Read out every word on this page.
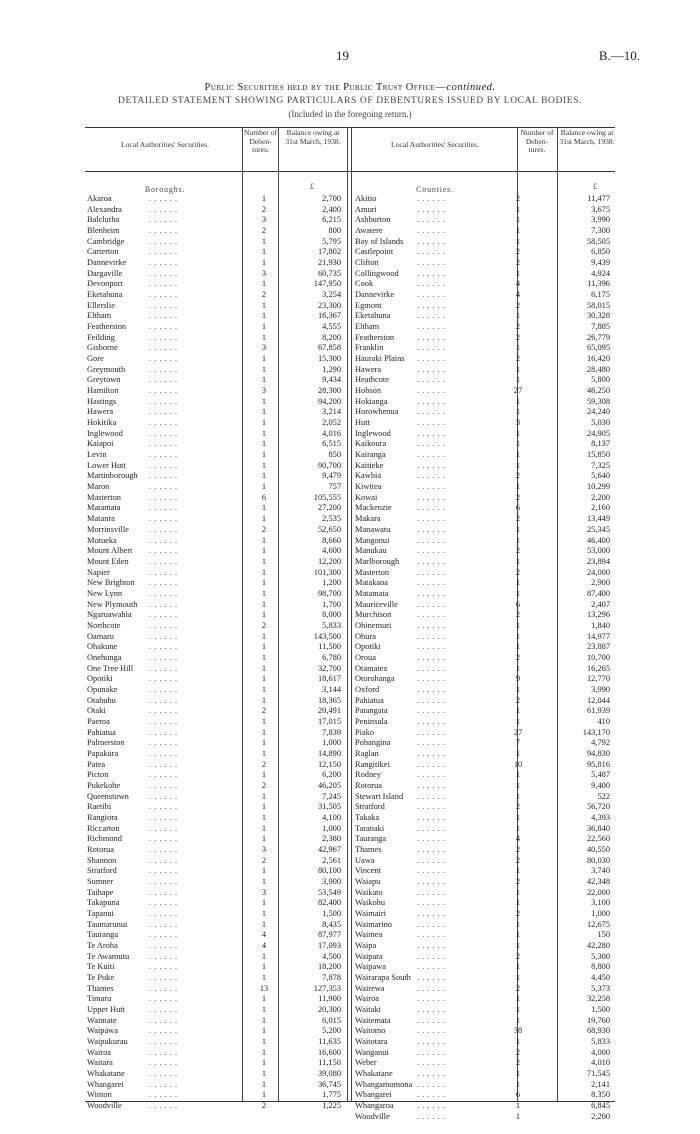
19	B.—10.
Public Securities held by the Public Trust Office—continued.
DETAILED STATEMENT SHOWING PARTICULARS OF DEBENTURES ISSUED BY LOCAL BODIES.
(Included in the foregoing return.)
Local Authorities' Securities.
Number of Deben- tures.
Balance owing at 31st March, 1938.	Local Authorities' Securities.
Number of Deben- tures.
Balance owing at 31st March, 1938.
Boroughs.	£	Counties.	£
. . . . . .
Akaroa	1	2,700
. . . . . .
Alexandra	2	2,400
. . . . . .
Balclutha	3	6,215
. . . . . .
Blenheim	2	800
. . . . . .
Cambridge	1	5,795
. . . . . .
Carterton	1	17,802
. . . . . .
Dannevirke	1	21,930
. . . . . .
Dargaville	3	60,735
. . . . . .
Devonport	1	147,950
. . . . . .
Eketahuna	2	3,254
. . . . . .
Ellerslie	1	23,300
. . . . . .
Eltham	1	16,367
. . . . . .
Featherston	1	4,555
. . . . . .
Feilding	1	8,200
. . . . . .
Gisborne	3	67,858
. . . . . .
Gore	1	15,300
. . . . . .
Greymouth	1	1,290
. . . . . .
Greytown	1	9,434
. . . . . .
Hamilton	3	28,300
. . . . . .
Hastings	1	94,200
. . . . . .
Hawera	1	3,214
. . . . . .
Hokitika	1	2,052
. . . . . .
Inglewood	1	4,016
. . . . . .
Kaiapoi	1	6,515
. . . . . .
Levin	1	850
. . . . . .
Lower Hutt	1	90,700
. . . . . .
Martinborough	1	9,479
. . . . . .
Maron	1	757
. . . . . .
Masterton	6	105,555
. . . . . .
Matamata	1	27,200
. . . . . .
Matanra	1	2,535
. . . . . .
Morrinsville	2	52,650
. . . . . .
Motueka	1	8,660
. . . . . .
Mount Albert	1	4,600
. . . . . .
Mount Eden	1	12,200
. . . . . .
Napier	1	101,300
. . . . . .
New Brighton	1	1,200
. . . . . .
New Lynn	1	98,700
. . . . . .
New Plymouth	1	1,700
. . . . . .
Ngaruawahia	1	8,000
. . . . . .
Northcote	2	5,833
. . . . . .
Oamaru	1	143,500
. . . . . .
Ohakune	1	11,500
. . . . . .
Onehunga	1	6,780
. . . . . .
One Tree Hill	1	32,700
. . . . . .
Opotiki	1	18,617
. . . . . .
Opunake	1	3,144
. . . . . .
Otahuhu	1	18,365
. . . . . .
Otaki	2	20,491
. . . . . .
Paeroa	1	17,015
. . . . . .
Pahiatua	1	7,839
. . . . . .
Palmerston	1	1,000
. . . . . .
Papakura	1	14,890
. . . . . .
Patea	2	12,150
. . . . . .
Picton	1	6,200
. . . . . .
Pukekohe	2	46,205
. . . . . .
Queenstown	1	7,245
. . . . . .
Raetihi	1	31,505
. . . . . .
Rangiora	1	4,100
. . . . . .
Riccarton	1	1,000
. . . . . .
Richmond	1	2,380
. . . . . .
Rotorua	3	42,967
. . . . . .
Shannon	2	2,561
. . . . . .
Stratford	1	80,100
. . . . . .
Sumner	1	3,900
. . . . . .
Taihape	3	53,549
. . . . . .
Takapuna	1	82,400
. . . . . .
Tapanui	1	1,500
. . . . . .
Taumarunui	1	8,435
. . . . . .
Tauranga	4	87,977
. . . . . .
Te Aroha	4	17,093
. . . . . .
Te Awamutu	1	4,500
. . . . . .
Te Kuiti	1	18,200
. . . . . .
Te Puke	1	7,878
. . . . . .
Thames	13	127,353
. . . . . .
Timaru	1	11,900
. . . . . .
Upper Hutt	1	20,300
. . . . . .
Waimate	1	6,015
. . . . . .
Waipawa	1	5,200
. . . . . .
Waipukurau	1	11,635
. . . . . .
Wairoa	1	16,600
. . . . . .
Waitara	1	11,150
. . . . . .
Whakatane	1	39,080
. . . . . .
Whangarei	1	36,745
. . . . . .
Winton	1	1,775
. . . . . .
Woodville	2	1,225
. . . . . .
Akitio	2	11,477
. . . . . .
Amuri	1	3,675
. . . . . .
Ashburton	1	3,990
. . . . . .
Awatere	1	7,300
. . . . . .
Bay of Islands	1	58,505
. . . . . .
Castlepoint	2	6,850
. . . . . .
Clifton	2	9,439
. . . . . .
Collingwood	1	4,924
. . . . . .
Cook	4	11,396
. . . . . .
Dannevirke	4	6,175
. . . . . .
Egmont	2	58,015
. . . . . .
Eketahuna	1	30,328
. . . . . .
Eltham	2	7,885
. . . . . .
Featherston	2	26,779
. . . . . .
Franklin	1	65,095
. . . . . .
Hauraki Plains	2	16,420
. . . . . .
Hawera	1	28,480
. . . . . .
Heathcote	1	5,800
. . . . . .
Hobson	27	46,250
. . . . . .
Hokianga	1	59,308
. . . . . .
Horowhenua	1	24,240
. . . . . .
Hutt	3	5,030
. . . . . .
Inglewood	1	24,905
. . . . . .
Kaikoura	1	8,137
. . . . . .
Kairanga	1	15,850
. . . . . .
Kaitieke	1	7,325
. . . . . .
Kawhia	2	5,640
. . . . . .
Kiwitea	1	10,299
. . . . . .
Kowai	2	2,200
. . . . . .
Mackenzie	6	2,160
. . . . . .
Makara	2	13,449
. . . . . .
Manawatu	1	25,345
. . . . . .
Mangonui	1	46,400
. . . . . .
Manukau	2	53,000
. . . . . .
Marlborough	1	23,894
. . . . . .
Masterton	2	24,000
. . . . . .
Matakaoa	1	2,900
. . . . . .
Matamata	1	87,400
. . . . . .
Mauriceville	6	2,407
. . . . . .
Murchison	2	13,296
. . . . . .
Ohinemuri	1	1,840
. . . . . .
Ohura	1	14,977
. . . . . .
Opotiki	1	23,887
. . . . . .
Oroua	2	10,700
. . . . . .
Otamatea	1	16,265
. . . . . .
Otorohanga	9	12,770
. . . . . .
Oxford	1	3,990
. . . . . .
Pahiatua	2	12,044
. . . . . .
Patangata	1	61,939
. . . . . .
Peninsula	1	410
. . . . . .
Piako	27	143,170
. . . . . .
Pohangina	7	4,792
. . . . . .
Raglan	1	94,830
. . . . . .
Rangitikei	10	95,816
. . . . . .
Rodney	1	5,487
. . . . . .
Rotorua	1	9,400
. . . . . .
Stewart Island	1	522
. . . . . .
Stratford	2	56,720
. . . . . .
Takaka	1	4,393
. . . . . .
Taranaki	1	36,840
. . . . . .
Tauranga	4	22,560
. . . . . .
Thames	2	40,550
. . . . . .
Uawa	2	80,030
. . . . . .
Vincent	1	3,740
. . . . . .
Waiapu	2	42,348
. . . . . .
Waikato	1	22,000
. . . . . .
Waikohu	1	3,100
. . . . . .
Waimairi	2	1,000
. . . . . .
Waimarino	1	12,675
. . . . . .
Waimea	1	150
. . . . . .
Waipa	1	42,280
. . . . . .
Waipara	2	5,300
. . . . . .
Waipawa	1	8,800
. . . . . .
Wairarapa South	1	4,450
. . . . . .
Wairewa	2	5,373
. . . . . .
Wairoa	1	32,258
. . . . . .
Waitaki	1	1,500
. . . . . .
Waitemata	1	19,760
. . . . . .
Waitomo	38	68,930
. . . . . .
Waitotara	1	5,833
. . . . . .
Wanganui	2	4,000
. . . . . .
Weber	2	4,010
. . . . . .
Whakatane	1	71,545
. . . . . .
Whangamomona	1	2,141
. . . . . .
Whangarei	6	8,350
. . . . . .
Whangaroa	1	6,845
. . . . . .
Woodville	1	2,200
